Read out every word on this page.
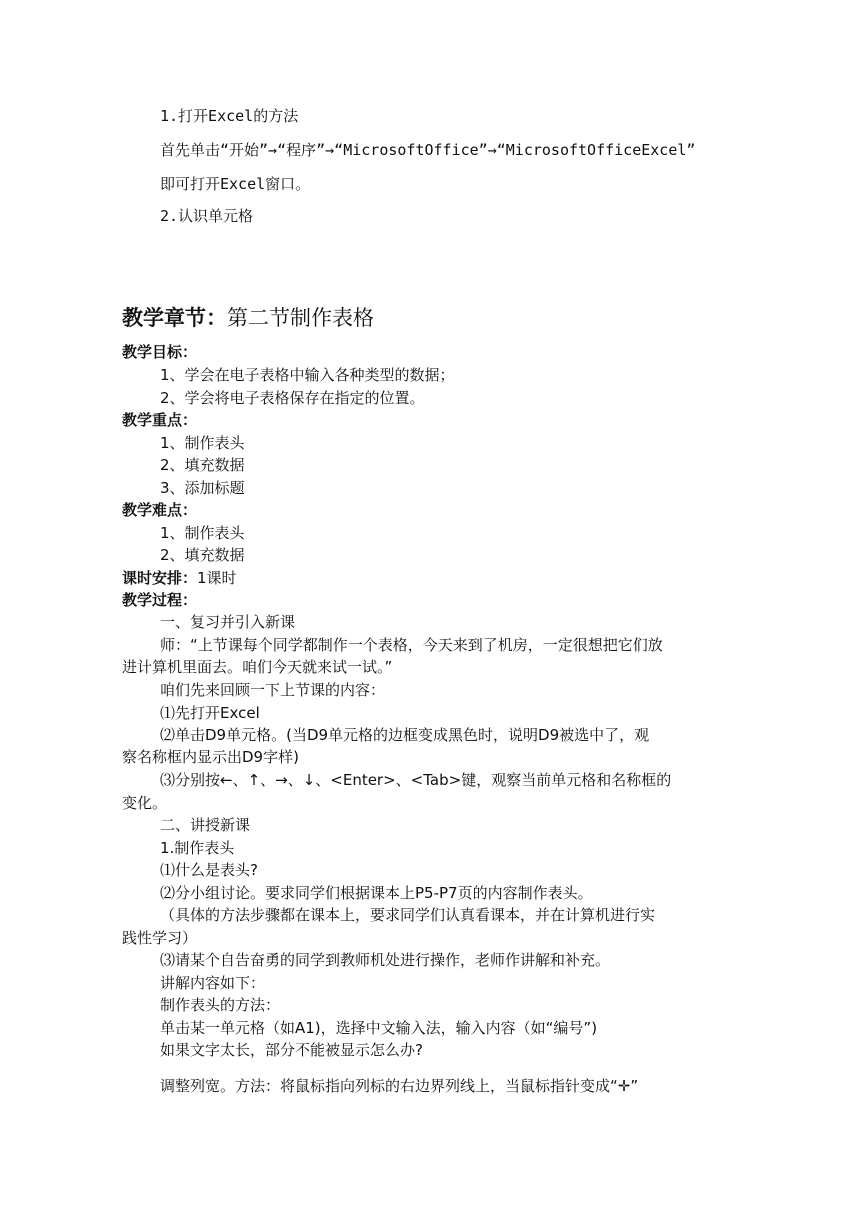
1.打开Excel的方法
首先单击“开始”→“程序”→“MicrosoftOffice”→“MicrosoftOfficeExcel”
即可打开Excel窗口。
2.认识单元格
教学章节：第二节制作表格
教学目标：
1、学会在电子表格中输入各种类型的数据；
2、学会将电子表格保存在指定的位置。
教学重点：
1、制作表头
2、填充数据
3、添加标题
教学难点：
1、制作表头
2、填充数据
课时安排：1课时
教学过程：
一、复习并引入新课
师：“上节课每个同学都制作一个表格，今天来到了机房，一定很想把它们放
进计算机里面去。咱们今天就来试一试。”
咱们先来回顾一下上节课的内容：
⑴先打开Excel
⑵单击D9单元格。(当D9单元格的边框变成黑色时，说明D9被选中了，观
察名称框内显示出D9字样)
⑶分别按←、↑、→、↓、<Enter>、<Tab>键，观察当前单元格和名称框的
变化。
二、讲授新课
1.制作表头
⑴什么是表头?
⑵分小组讨论。要求同学们根据课本上P5-P7页的内容制作表头。
（具体的方法步骤都在课本上，要求同学们认真看课本，并在计算机进行实
践性学习）
⑶请某个自告奋勇的同学到教师机处进行操作，老师作讲解和补充。
讲解内容如下：
制作表头的方法：
单击某一单元格（如A1)，选择中文输入法，输入内容（如“编号”)
如果文字太长，部分不能被显示怎么办?
调整列宽。方法：将鼠标指向列标的右边界列线上，当鼠标指针变成“✛”
